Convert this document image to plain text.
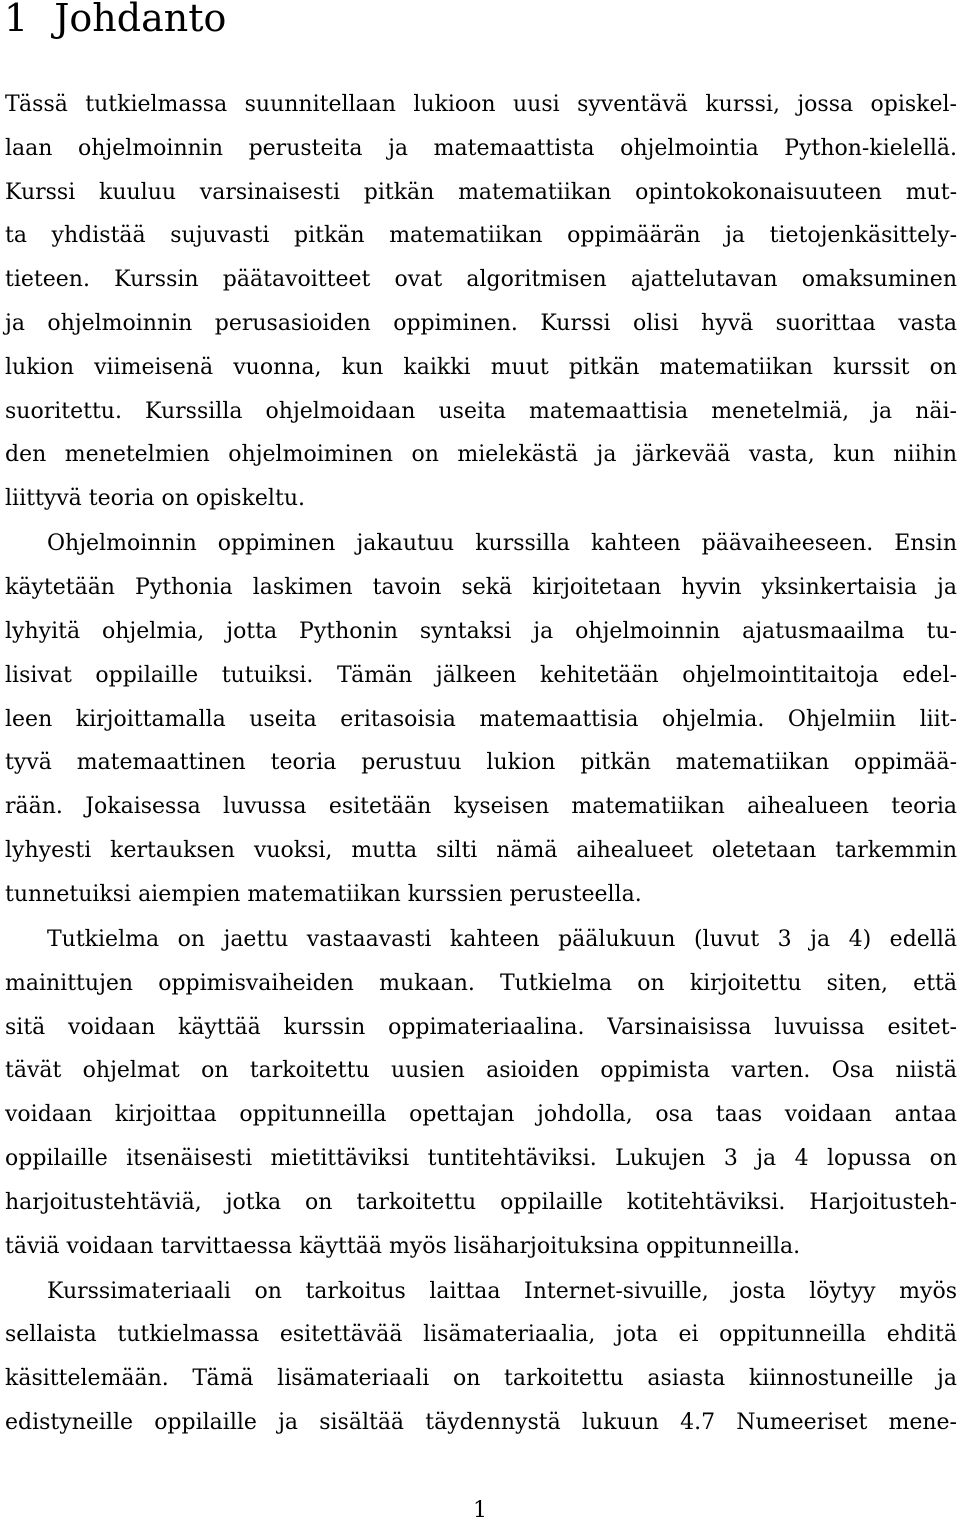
1 Johdanto

Tässä tutkielmassa suunnitellaan lukioon uusi syventävä kurssi, jossa opiskel-
laan ohjelmoinnin perusteita ja matemaattista ohjelmointia Python-kielellä.
Kurssi kuuluu varsinaisesti pitkän matematiikan opintokokonaisuuteen mut-
ta yhdistää sujuvasti pitkän matematiikan oppimäärän ja tietojenkäsittely-
tieteen. Kurssin päätavoitteet ovat algoritmisen ajattelutavan omaksuminen
ja ohjelmoinnin perusasioiden oppiminen. Kurssi olisi hyvä suorittaa vasta
lukion viimeisenä vuonna, kun kaikki muut pitkän matematiikan kurssit on
suoritettu. Kurssilla ohjelmoidaan useita matemaattisia menetelmiä, ja näi-
den menetelmien ohjelmoiminen on mielekästä ja järkevää vasta, kun niihin
liittyvä teoria on opiskeltu.

Ohjelmoinnin oppiminen jakautuu kurssilla kahteen päävaiheeseen. Ensin
käytetään Pythonia laskimen tavoin sekä kirjoitetaan hyvin yksinkertaisia ja
lyhyitä ohjelmia, jotta Pythonin syntaksi ja ohjelmoinnin ajatusmaailma tu-
lisivat oppilaille tutuiksi. Tämän jälkeen kehitetään ohjelmointitaitoja edel-
leen kirjoittamalla useita eritasoisia matemaattisia ohjelmia. Ohjelmiin liit-
tyvä matemaattinen teoria perustuu lukion pitkän matematiikan oppimää-
rään. Jokaisessa luvussa esitetään kyseisen matematiikan aihealueen teoria
lyhyesti kertauksen vuoksi, mutta silti nämä aihealueet oletetaan tarkemmin
tunnetuiksi aiempien matematiikan kurssien perusteella.

Tutkielma on jaettu vastaavasti kahteen päälukuun (luvut 3 ja 4) edellä
mainittujen oppimisvaiheiden mukaan. Tutkielma on kirjoitettu siten, että
sitä voidaan käyttää kurssin oppimateriaalina. Varsinaisissa luvuissa esitet-
tävät ohjelmat on tarkoitettu uusien asioiden oppimista varten. Osa niistä
voidaan kirjoittaa oppitunneilla opettajan johdolla, osa taas voidaan antaa
oppilaille itsenäisesti mietittäviksi tuntitehtäviksi. Lukujen 3 ja 4 lopussa on
harjoitustehtäviä, jotka on tarkoitettu oppilaille kotitehtäviksi. Harjoitusteh-
täviä voidaan tarvittaessa käyttää myös lisäharjoituksina oppitunneilla.

Kurssimateriaali on tarkoitus laittaa Internet-sivuille, josta löytyy myös
sellaista tutkielmassa esitettävää lisämateriaalia, jota ei oppitunneilla ehditä
käsittelemään. Tämä lisämateriaali on tarkoitettu asiasta kiinnostuneille ja
edistyneille oppilaille ja sisältää täydennystä lukuun 4.7 Numeeriset mene-

1
